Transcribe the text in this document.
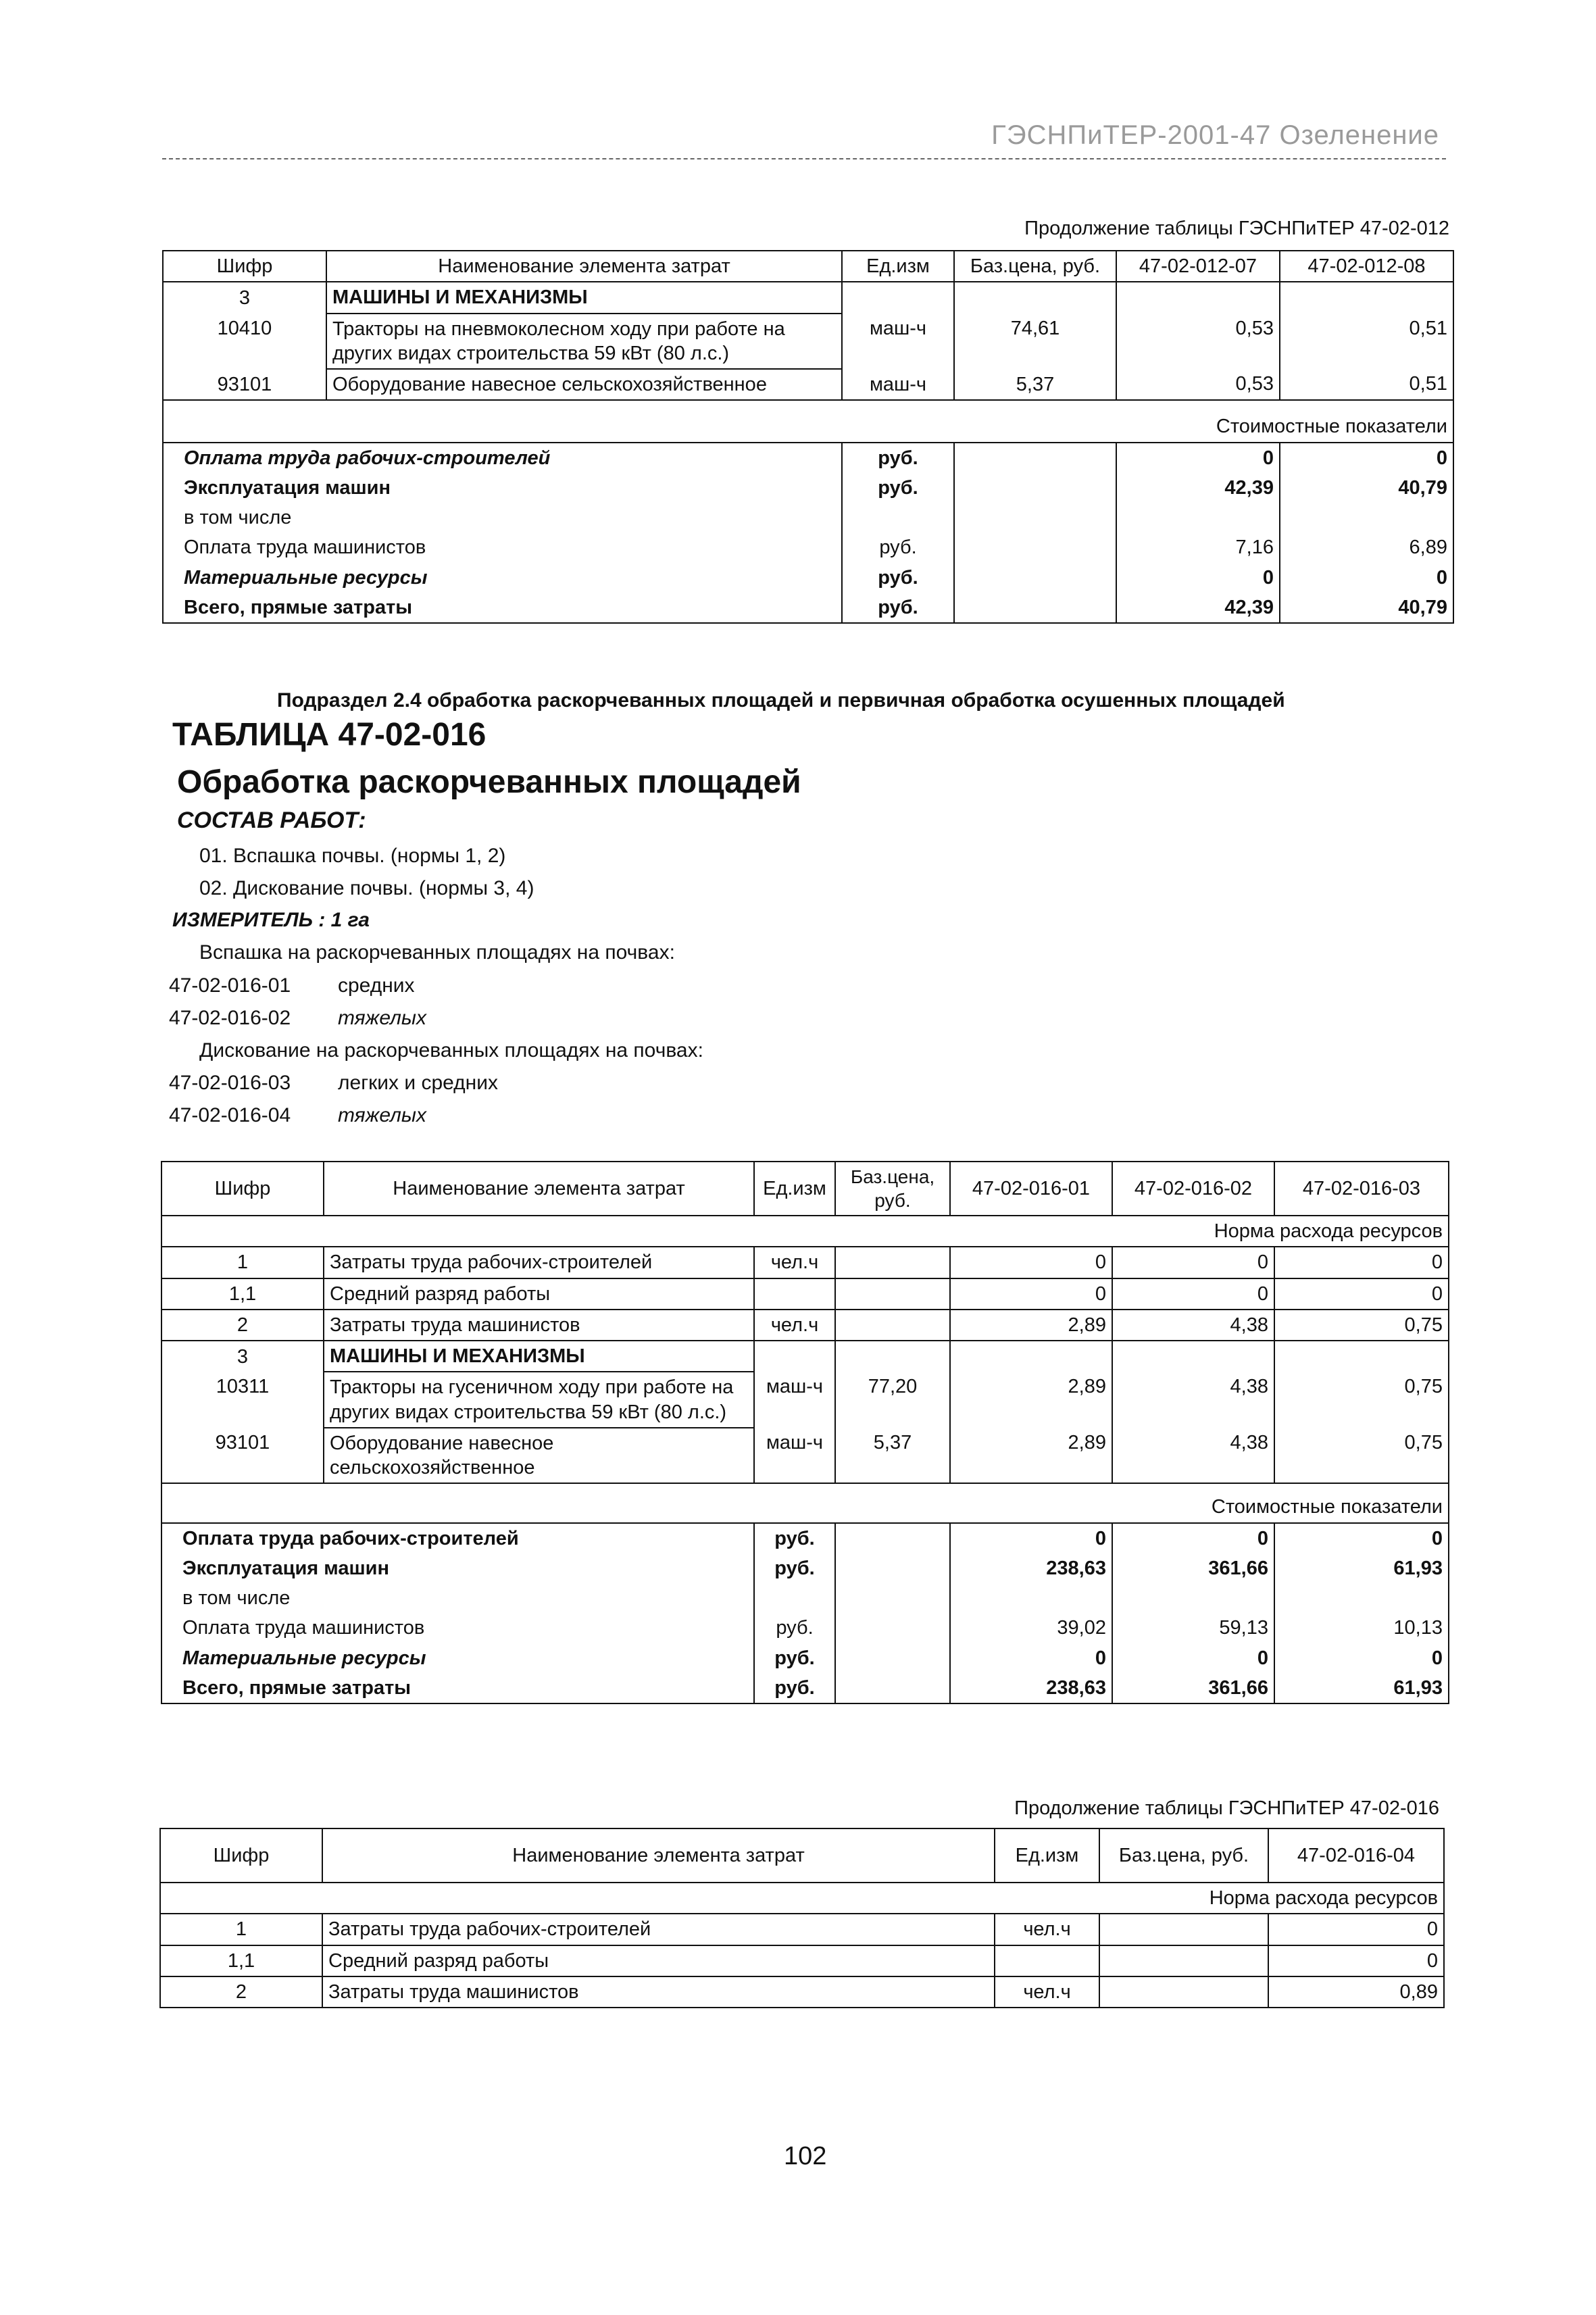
ГЭСНПиТЕР-2001-47 Озеленение
Продолжение таблицы ГЭСНПиТЕР 47-02-012
Шифр	Наименование элемента затрат	Ед.изм	Баз.цена, руб.	47-02-012-07	47-02-012-08
3	МАШИНЫ И МЕХАНИЗМЫ				
10410	Тракторы на пневмоколесном ходу при работе на других видах строительства 59 кВт (80 л.с.)	маш-ч	74,61	0,53	0,51
93101	Оборудование навесное сельскохозяйственное	маш-ч	5,37	0,53	0,51
Стоимостные показатели					
Оплата труда рабочих-строителей		руб.		0	0
Эксплуатация машин		руб.		42,39	40,79
в том числе					
Оплата труда машинистов		руб.		7,16	6,89
Материальные ресурсы		руб.		0	0
Всего, прямые затраты		руб.		42,39	40,79
Подраздел 2.4 обработка раскорчеванных площадей и первичная обработка осушенных площадей
ТАБЛИЦА 47-02-016
Обработка раскорчеванных площадей
СОСТАВ РАБОТ:
01. Вспашка почвы. (нормы 1, 2)
02. Дискование почвы. (нормы 3, 4)
ИЗМЕРИТЕЛЬ : 1 га
Вспашка на раскорчеванных площадях на почвах:
47-02-016-01 средних
47-02-016-02 тяжелых
Дискование на раскорчеванных площадях на почвах:
47-02-016-03 легких и средних
47-02-016-04 тяжелых
Шифр	Наименование элемента затрат	Ед.изм	Баз.цена, руб.	47-02-016-01	47-02-016-02	47-02-016-03
Норма расхода ресурсов						
1	Затраты труда рабочих-строителей	чел.ч		0	0	0
1,1	Средний разряд работы			0	0	0
2	Затраты труда машинистов	чел.ч		2,89	4,38	0,75
3	МАШИНЫ И МЕХАНИЗМЫ					
10311	Тракторы на гусеничном ходу при работе на других видах строительства 59 кВт (80 л.с.)	маш-ч	77,20	2,89	4,38	0,75
93101	Оборудование навесное сельскохозяйственное	маш-ч	5,37	2,89	4,38	0,75
Стоимостные показатели						
Оплата труда рабочих-строителей		руб.		0	0	0
Эксплуатация машин		руб.		238,63	361,66	61,93
в том числе						
Оплата труда машинистов		руб.		39,02	59,13	10,13
Материальные ресурсы		руб.		0	0	0
Всего, прямые затраты		руб.		238,63	361,66	61,93
Продолжение таблицы ГЭСНПиТЕР 47-02-016
Шифр	Наименование элемента затрат	Ед.изм	Баз.цена, руб.	47-02-016-04
Норма расхода ресурсов				
1	Затраты труда рабочих-строителей	чел.ч		0
1,1	Средний разряд работы			0
2	Затраты труда машинистов	чел.ч		0,89
102
